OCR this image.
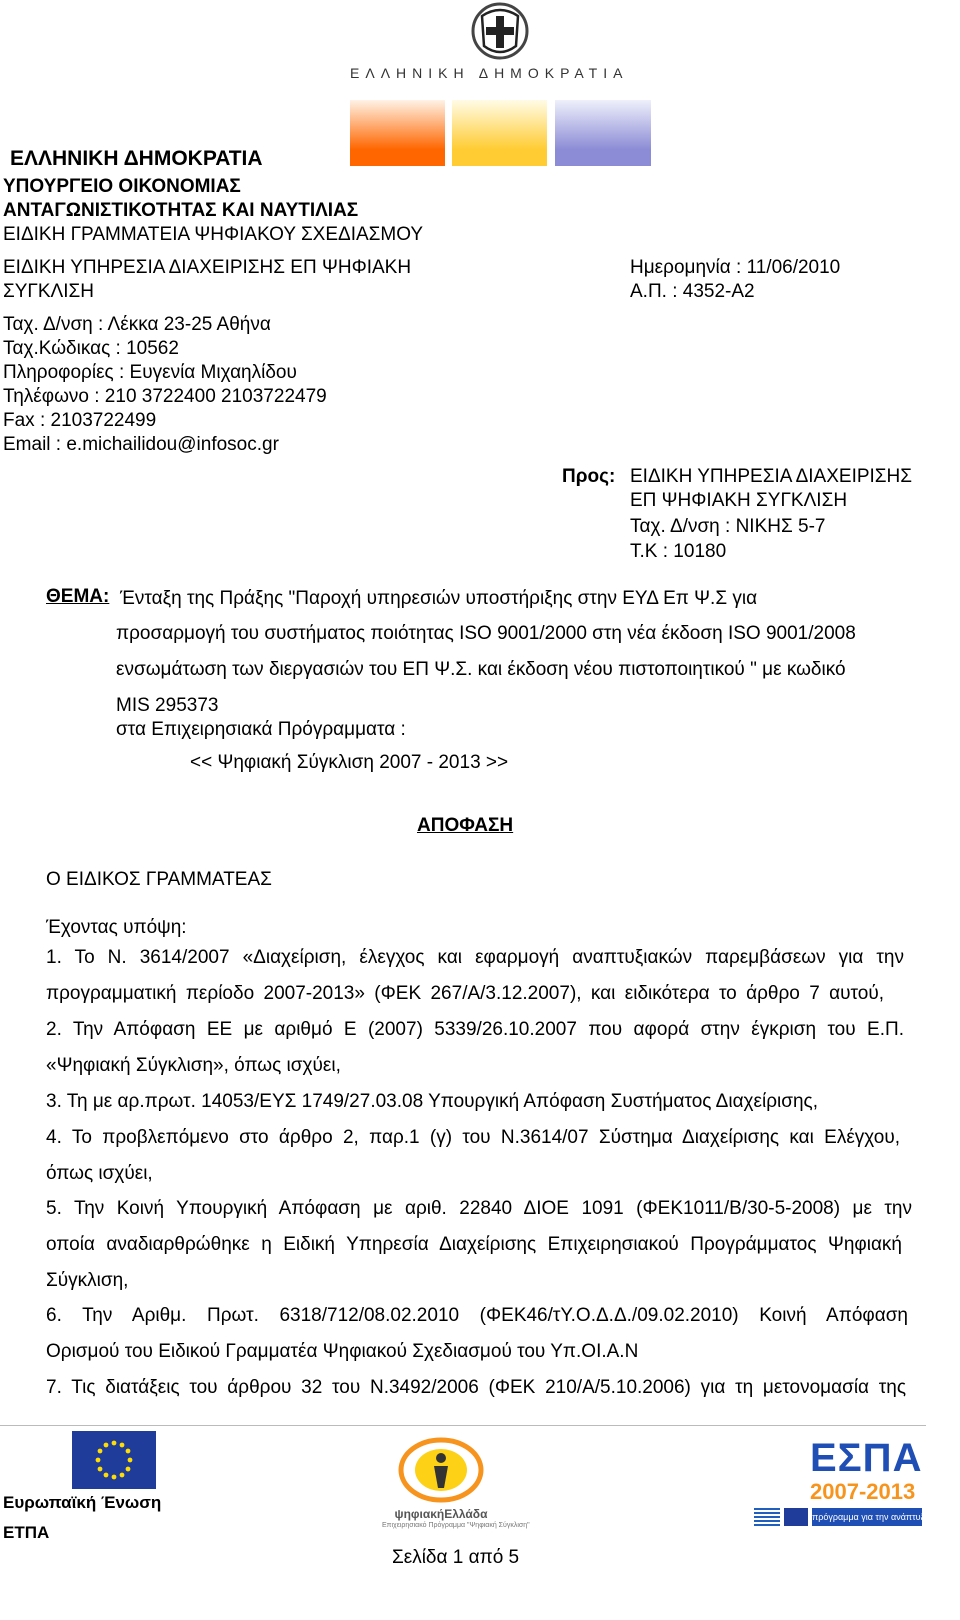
ΕΛΛΗΝΙΚΗ ΔΗΜΟΚΡΑΤΙΑ
ΕΛΛΗΝΙΚΗ ΔΗΜΟΚΡΑΤΙΑ
ΥΠΟΥΡΓΕΙΟ ΟΙΚΟΝΟΜΙΑΣ
ΑΝΤΑΓΩΝΙΣΤΙΚΟΤΗΤΑΣ ΚΑΙ ΝΑΥΤΙΛΙΑΣ
ΕΙΔΙΚΗ ΓΡΑΜΜΑΤΕΙΑ ΨΗΦΙΑΚΟΥ ΣΧΕΔΙΑΣΜΟΥ
ΕΙΔΙΚΗ ΥΠΗΡΕΣΙΑ ΔΙΑΧΕΙΡΙΣΗΣ ΕΠ ΨΗΦΙΑΚΗ
ΣΥΓΚΛΙΣΗ
Ταχ. Δ/νση : Λέκκα 23-25 Αθήνα
Ταχ.Κώδικας : 10562
Πληροφορίες : Ευγενία Μιχαηλίδου
Τηλέφωνο : 210 3722400 2103722479
Fax : 2103722499
Email : e.michailidou@infosoc.gr
Ημερομηνία : 11/06/2010
Α.Π. : 4352-Α2
Προς: ΕΙΔΙΚΗ ΥΠΗΡΕΣΙΑ ΔΙΑΧΕΙΡΙΣΗΣ
ΕΠ ΨΗΦΙΑΚΗ ΣΥΓΚΛΙΣΗ
Ταχ. Δ/νση : ΝΙΚΗΣ 5-7
Τ.Κ : 10180
ΘΕΜΑ: Ένταξη της Πράξης "Παροχή υπηρεσιών υποστήριξης στην ΕΥΔ Επ Ψ.Σ για
προσαρμογή του συστήματος ποιότητας ISO 9001/2000 στη νέα έκδοση ISO 9001/2008
ενσωμάτωση των διεργασιών του ΕΠ Ψ.Σ. και έκδοση νέου πιστοποιητικού " με κωδικό
MIS 295373
στα Επιχειρησιακά Πρόγραμματα :
<< Ψηφιακή Σύγκλιση 2007 - 2013 >>
ΑΠΟΦΑΣΗ
Ο ΕΙΔΙΚΟΣ ΓΡΑΜΜΑΤΕΑΣ
Έχοντας υπόψη:
1. Το Ν. 3614/2007 «Διαχείριση, έλεγχος και εφαρμογή αναπτυξιακών παρεμβάσεων για την
προγραμματική περίοδο 2007-2013» (ΦΕΚ 267/Α/3.12.2007), και ειδικότερα το άρθρο 7 αυτού,
2. Την Απόφαση ΕΕ με αριθμό Ε (2007) 5339/26.10.2007 που αφορά στην έγκριση του Ε.Π.
«Ψηφιακή Σύγκλιση», όπως ισχύει,
3. Τη με αρ.πρωτ. 14053/ΕΥΣ 1749/27.03.08 Υπουργική Απόφαση Συστήματος Διαχείρισης,
4. Το προβλεπόμενο στο άρθρο 2, παρ.1 (γ) του Ν.3614/07 Σύστημα Διαχείρισης και Ελέγχου,
όπως ισχύει,
5. Την Κοινή Υπουργική Απόφαση με αριθ. 22840 ΔΙΟΕ 1091 (ΦΕΚ1011/Β/30-5-2008) με την
οποία αναδιαρθρώθηκε η Ειδική Υπηρεσία Διαχείρισης Επιχειρησιακού Προγράμματος Ψηφιακή
Σύγκλιση,
6. Την Αριθμ. Πρωτ. 6318/712/08.02.2010 (ΦΕΚ46/τΥ.Ο.Δ.Δ./09.02.2010) Κοινή Απόφαση
Ορισμού του Ειδικού Γραμματέα Ψηφιακού Σχεδιασμού του Υπ.ΟΙ.Α.Ν
7. Τις διατάξεις του άρθρου 32 του Ν.3492/2006 (ΦΕΚ 210/Α/5.10.2006) για τη μετονομασία της
Ευρωπαϊκή Ένωση
ΕΤΠΑ
ψηφιακήΕλλάδα
Επιχειρησιακό Πρόγραμμα "Ψηφιακή Σύγκλιση"
ΕΣΠΑ
2007-2013
πρόγραμμα για την ανάπτυξη
Σελίδα 1 από 5
